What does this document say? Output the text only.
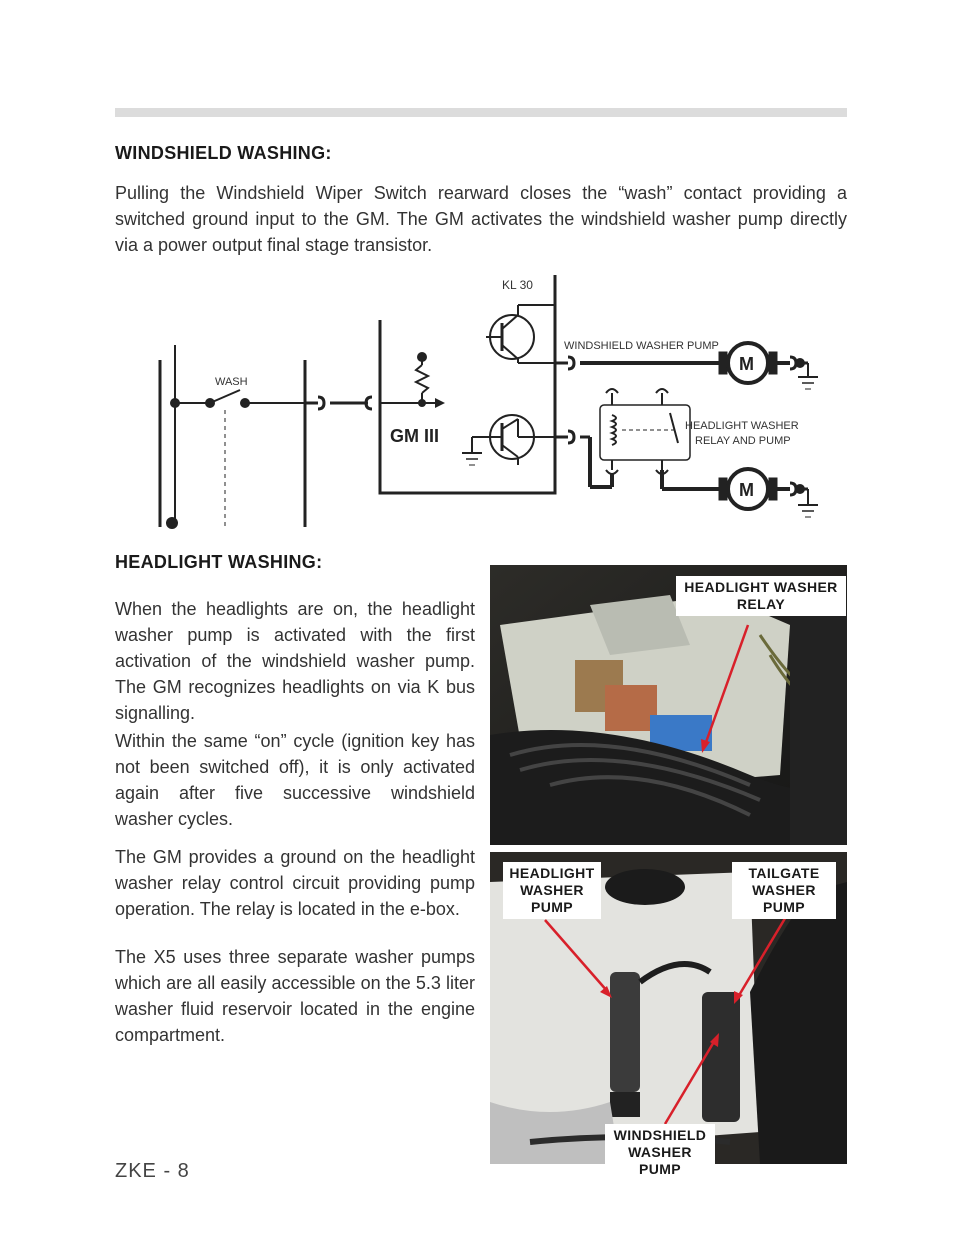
WINDSHIELD WASHING:
Pulling the Windshield Wiper Switch rearward closes the “wash” contact providing a switched ground input to the GM. The GM activates the windshield washer pump directly via a power output final stage transistor.
WASH
GM III
KL 30
WINDSHIELD WASHER PUMP
HEADLIGHT WASHER
RELAY AND PUMP
M
M
HEADLIGHT WASHING:
When the headlights are on, the headlight washer pump is activated with the first activation of the windshield washer pump. The GM recognizes headlights on via K bus signalling.
Within the same “on” cycle (ignition key has not been switched off), it is only activated again after five successive windshield washer cycles.
The GM provides a ground on the headlight washer relay control circuit providing pump operation. The relay is located in the e-box.
The X5 uses three separate washer pumps which are all easily accessible on the 5.3 liter washer fluid reservoir located in the engine compartment.
HEADLIGHT WASHER
RELAY
HEADLIGHT
WASHER
PUMP
TAILGATE
WASHER
PUMP
WINDSHIELD
WASHER
PUMP
ZKE - 8
